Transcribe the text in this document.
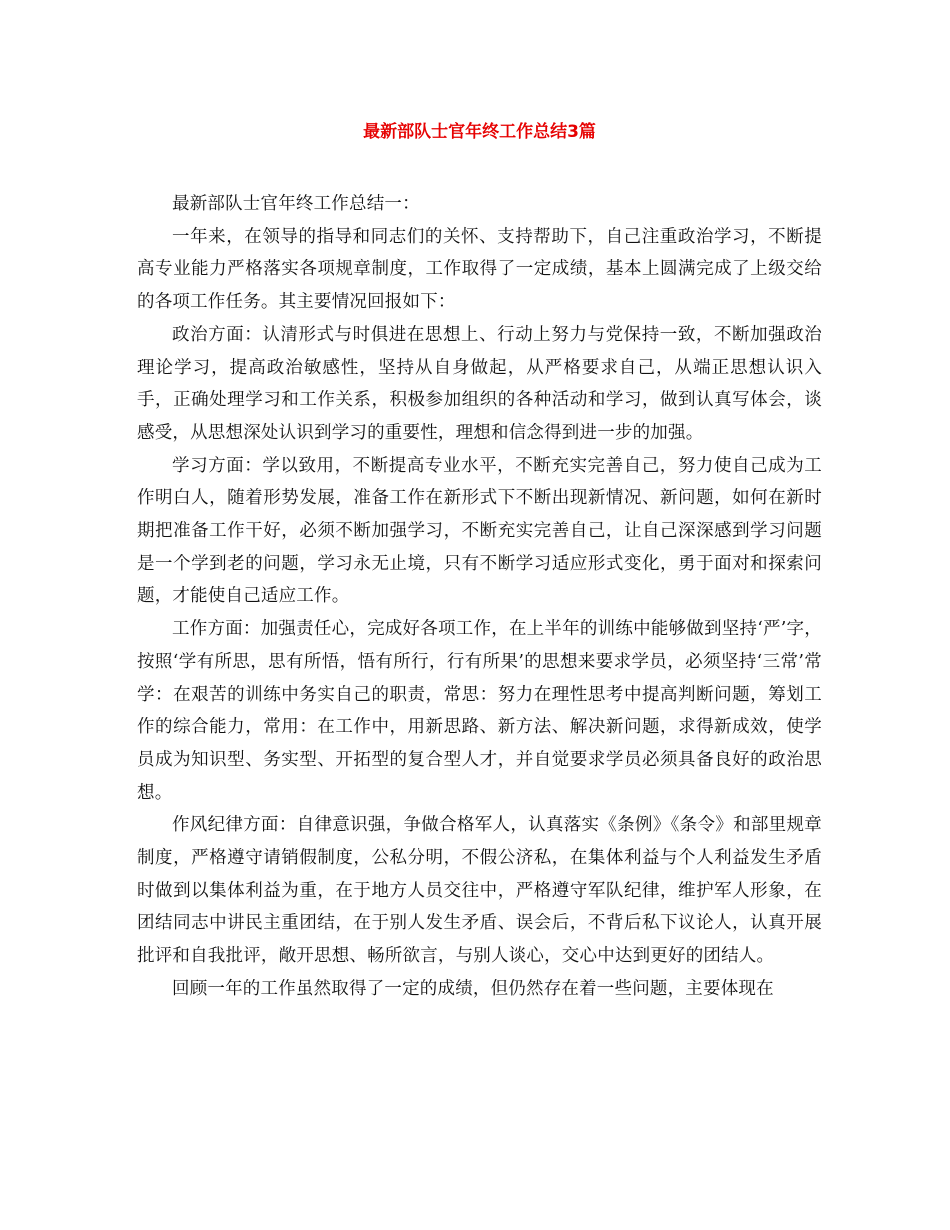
最新部队士官年终工作总结3篇

最新部队士官年终工作总结一：

一年来，在领导的指导和同志们的关怀、支持帮助下，自己注重政治学习，不断提高专业能力严格落实各项规章制度，工作取得了一定成绩，基本上圆满完成了上级交给的各项工作任务。其主要情况回报如下：

政治方面：认清形式与时俱进在思想上、行动上努力与党保持一致，不断加强政治理论学习，提高政治敏感性，坚持从自身做起，从严格要求自己，从端正思想认识入手，正确处理学习和工作关系，积极参加组织的各种活动和学习，做到认真写体会，谈感受，从思想深处认识到学习的重要性，理想和信念得到进一步的加强。

学习方面：学以致用，不断提高专业水平，不断充实完善自己，努力使自己成为工作明白人，随着形势发展，准备工作在新形式下不断出现新情况、新问题，如何在新时期把准备工作干好，必须不断加强学习，不断充实完善自己，让自己深深感到学习问题是一个学到老的问题，学习永无止境，只有不断学习适应形式变化，勇于面对和探索问题，才能使自己适应工作。

工作方面：加强责任心，完成好各项工作，在上半年的训练中能够做到坚持‘严’字，按照‘学有所思，思有所悟，悟有所行，行有所果’的思想来要求学员，必须坚持‘三常’常学：在艰苦的训练中务实自己的职责，常思：努力在理性思考中提高判断问题，筹划工作的综合能力，常用：在工作中，用新思路、新方法、解决新问题，求得新成效，使学员成为知识型、务实型、开拓型的复合型人才，并自觉要求学员必须具备良好的政治思想。

作风纪律方面：自律意识强，争做合格军人，认真落实《条例》《条令》和部里规章制度，严格遵守请销假制度，公私分明，不假公济私，在集体利益与个人利益发生矛盾时做到以集体利益为重，在于地方人员交往中，严格遵守军队纪律，维护军人形象，在团结同志中讲民主重团结，在于别人发生矛盾、误会后，不背后私下议论人，认真开展批评和自我批评，敞开思想、畅所欲言，与别人谈心，交心中达到更好的团结人。

回顾一年的工作虽然取得了一定的成绩，但仍然存在着一些问题，主要体现在
